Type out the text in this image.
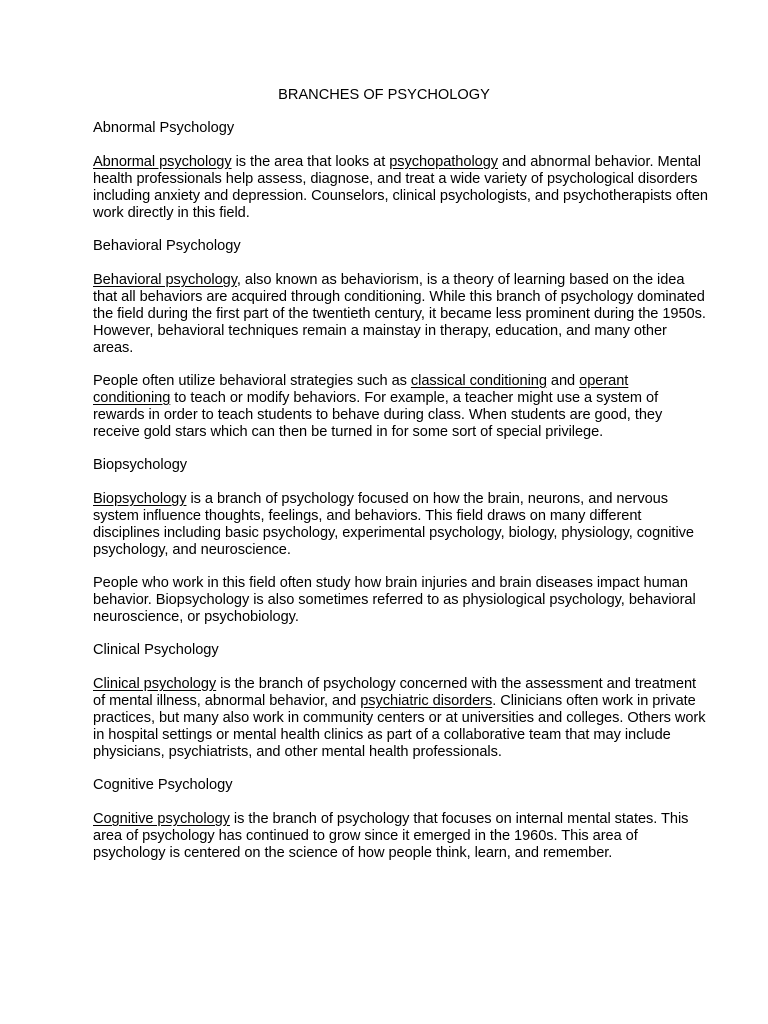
BRANCHES OF PSYCHOLOGY
Abnormal Psychology
Abnormal psychology is the area that looks at psychopathology and abnormal behavior. Mental health professionals help assess, diagnose, and treat a wide variety of psychological disorders including anxiety and depression. Counselors, clinical psychologists, and psychotherapists often work directly in this field.
Behavioral Psychology
Behavioral psychology, also known as behaviorism, is a theory of learning based on the idea that all behaviors are acquired through conditioning. While this branch of psychology dominated the field during the first part of the twentieth century, it became less prominent during the 1950s. However, behavioral techniques remain a mainstay in therapy, education, and many other areas.
People often utilize behavioral strategies such as classical conditioning and operant conditioning to teach or modify behaviors. For example, a teacher might use a system of rewards in order to teach students to behave during class. When students are good, they receive gold stars which can then be turned in for some sort of special privilege.
Biopsychology
Biopsychology is a branch of psychology focused on how the brain, neurons, and nervous system influence thoughts, feelings, and behaviors. This field draws on many different disciplines including basic psychology, experimental psychology, biology, physiology, cognitive psychology, and neuroscience.
People who work in this field often study how brain injuries and brain diseases impact human behavior. Biopsychology is also sometimes referred to as physiological psychology, behavioral neuroscience, or psychobiology.
Clinical Psychology
Clinical psychology is the branch of psychology concerned with the assessment and treatment of mental illness, abnormal behavior, and psychiatric disorders. Clinicians often work in private practices, but many also work in community centers or at universities and colleges. Others work in hospital settings or mental health clinics as part of a collaborative team that may include physicians, psychiatrists, and other mental health professionals.
Cognitive Psychology
Cognitive psychology is the branch of psychology that focuses on internal mental states. This area of psychology has continued to grow since it emerged in the 1960s. This area of psychology is centered on the science of how people think, learn, and remember.
